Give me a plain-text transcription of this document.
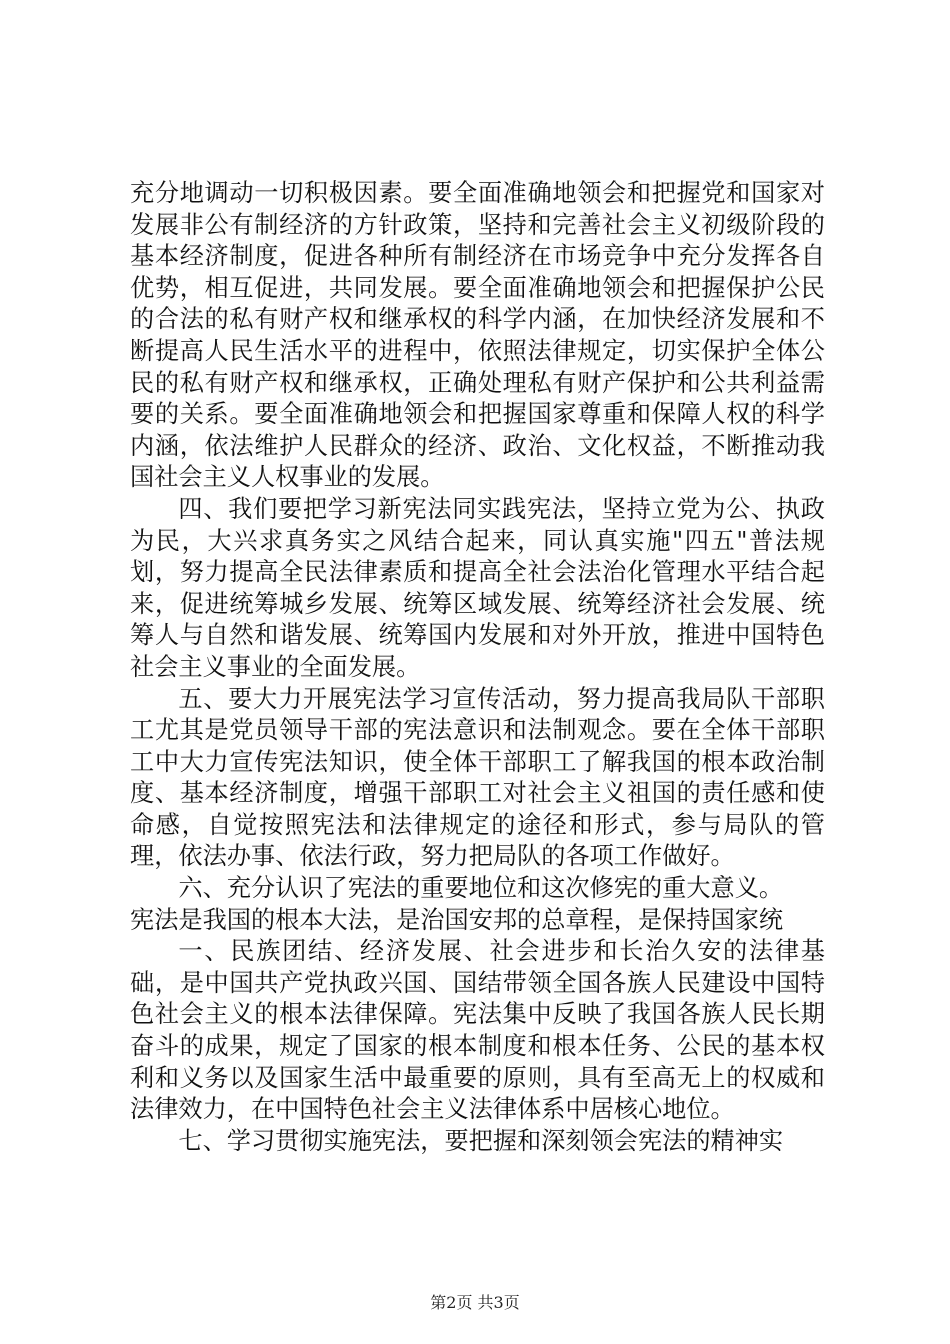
充分地调动一切积极因素。要全面准确地领会和把握党和国家对发展非公有制经济的方针政策，坚持和完善社会主义初级阶段的基本经济制度，促进各种所有制经济在市场竞争中充分发挥各自优势，相互促进，共同发展。要全面准确地领会和把握保护公民的合法的私有财产权和继承权的科学内涵，在加快经济发展和不断提高人民生活水平的进程中，依照法律规定，切实保护全体公民的私有财产权和继承权，正确处理私有财产保护和公共利益需要的关系。要全面准确地领会和把握国家尊重和保障人权的科学内涵，依法维护人民群众的经济、政治、文化权益，不断推动我国社会主义人权事业的发展。

四、我们要把学习新宪法同实践宪法，坚持立党为公、执政为民，大兴求真务实之风结合起来，同认真实施"四五"普法规划，努力提高全民法律素质和提高全社会法治化管理水平结合起来，促进统筹城乡发展、统筹区域发展、统筹经济社会发展、统筹人与自然和谐发展、统筹国内发展和对外开放，推进中国特色社会主义事业的全面发展。

五、要大力开展宪法学习宣传活动，努力提高我局队干部职工尤其是党员领导干部的宪法意识和法制观念。要在全体干部职工中大力宣传宪法知识，使全体干部职工了解我国的根本政治制度、基本经济制度，增强干部职工对社会主义祖国的责任感和使命感，自觉按照宪法和法律规定的途径和形式，参与局队的管理，依法办事、依法行政，努力把局队的各项工作做好。

六、充分认识了宪法的重要地位和这次修宪的重大意义。

宪法是我国的根本大法，是治国安邦的总章程，是保持国家统

一、民族团结、经济发展、社会进步和长治久安的法律基础，是中国共产党执政兴国、国结带领全国各族人民建设中国特色社会主义的根本法律保障。宪法集中反映了我国各族人民长期奋斗的成果，规定了国家的根本制度和根本任务、公民的基本权利和义务以及国家生活中最重要的原则，具有至高无上的权威和法律效力，在中国特色社会主义法律体系中居核心地位。

七、学习贯彻实施宪法，要把握和深刻领会宪法的精神实

第2页 共3页
